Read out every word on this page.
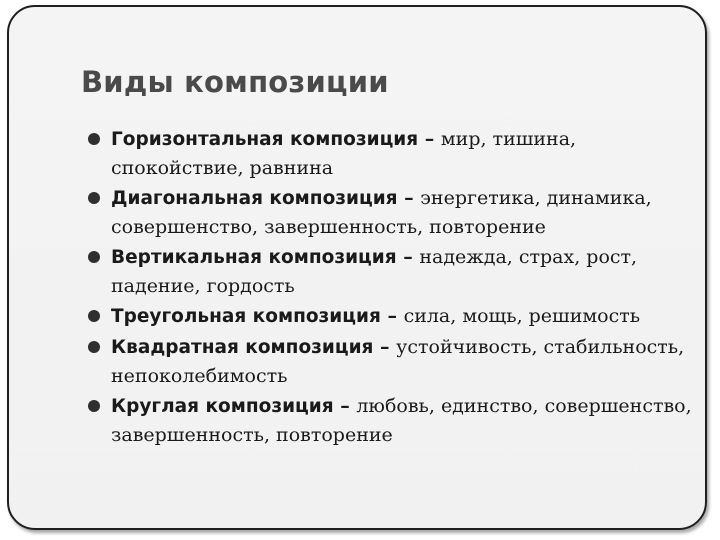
Виды композиции
Горизонтальная композиция – мир, тишина, спокойствие, равнина
Диагональная композиция – энергетика, динамика, совершенство, завершенность, повторение
Вертикальная композиция – надежда, страх, рост, падение, гордость
Треугольная композиция – сила, мощь, решимость
Квадратная композиция – устойчивость, стабильность, непоколебимость
Круглая композиция – любовь, единство, совершенство, завершенность, повторение
